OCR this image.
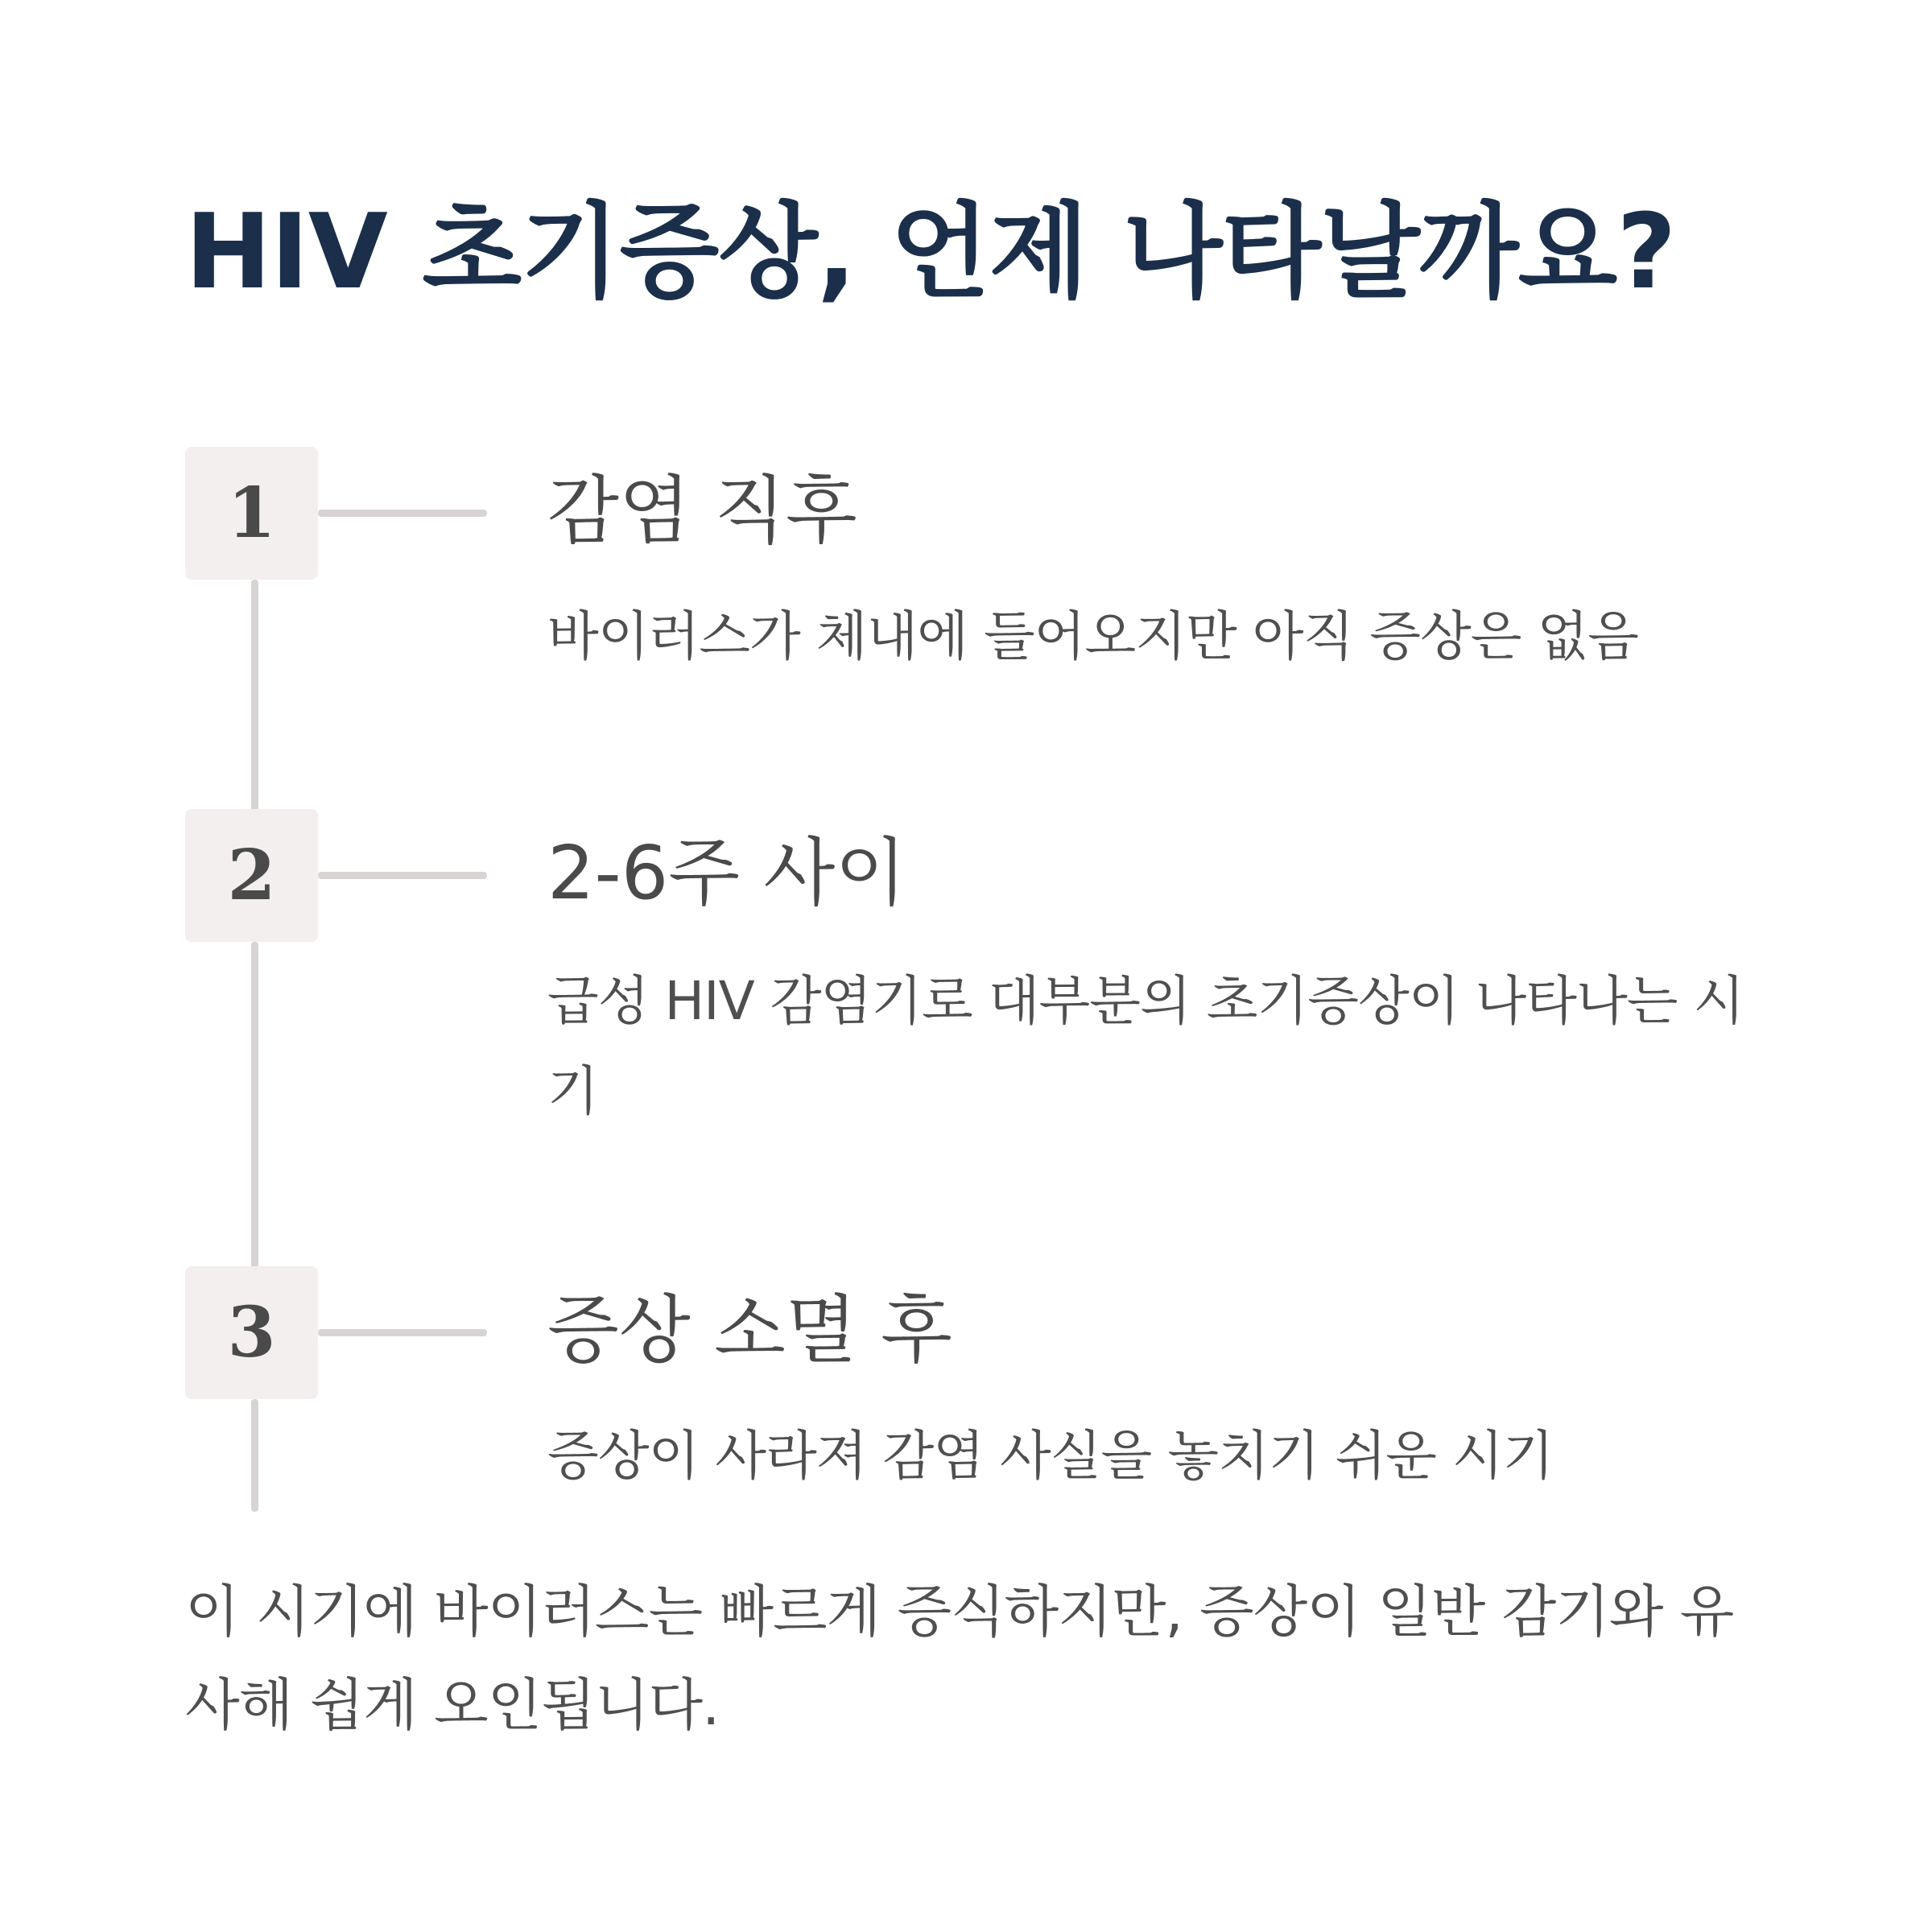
HIV 초기증상, 언제 나타날까요?
1	감염 직후
바이러스가 체내에 들어오지만 아직 증상은 없음
2	2-6주 사이
급성 HIV 감염기로 대부분의 초기증상이 나타나는 시기
3	증상 소멸 후
증상이 사라져 감염 사실을 놓치기 쉬운 시기
이 시기에 바이러스는 빠르게 증식하지만, 증상이 일반 감기와 유사해 쉽게 오인됩니다.
